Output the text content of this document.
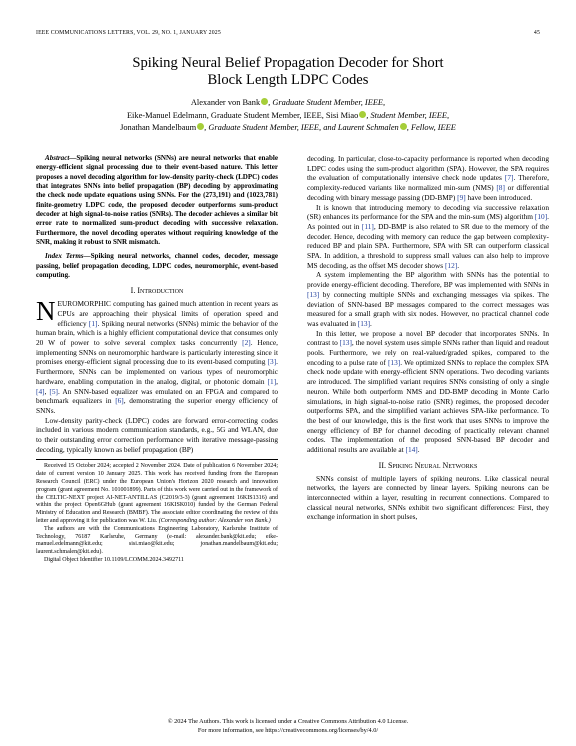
IEEE COMMUNICATIONS LETTERS, VOL. 29, NO. 1, JANUARY 2025	45
Spiking Neural Belief Propagation Decoder for Short
Block Length LDPC Codes
Alexander von Bank , Graduate Student Member, IEEE,
Eike-Manuel Edelmann, Graduate Student Member, IEEE, Sisi Miao , Student Member, IEEE,
Jonathan Mandelbaum , Graduate Student Member, IEEE, and Laurent Schmalen , Fellow, IEEE

Abstract—Spiking neural networks (SNNs) are neural networks that enable energy-efficient signal processing due to their event-based nature. This letter proposes a novel decoding algorithm for low-density parity-check (LDPC) codes that integrates SNNs into belief propagation (BP) decoding by approximating the check node update equations using SNNs. For the (273,191) and (1023,781) finite-geometry LDPC code, the proposed decoder outperforms sum-product decoder at high signal-to-noise ratios (SNRs). The decoder achieves a similar bit error rate to normalized sum-product decoding with successive relaxation. Furthermore, the novel decoding operates without requiring knowledge of the SNR, making it robust to SNR mismatch.

Index Terms—Spiking neural networks, channel codes, decoder, message passing, belief propagation decoding, LDPC codes, neuromorphic, event-based computing.

I. Introduction

NEUROMORPHIC computing has gained much attention in recent years as CPUs are approaching their physical limits of operation speed and efficiency [1]. Spiking neural networks (SNNs) mimic the behavior of the human brain, which is a highly efficient computational device that consumes only 20 W of power to solve several complex tasks concurrently [2]. Hence, implementing SNNs on neuromorphic hardware is particularly interesting since it promises energy-efficient signal processing due to its event-based computing [3]. Furthermore, SNNs can be implemented on various types of neuromorphic hardware, enabling computation in the analog, digital, or photonic domain [1], [4], [5]. An SNN-based equalizer was emulated on an FPGA and compared to benchmark equalizers in [6], demonstrating the superior energy efficiency of SNNs.

Low-density parity-check (LDPC) codes are forward error-correcting codes included in various modern communication standards, e.g., 5G and WLAN, due to their outstanding error correction performance with iterative message-passing decoding, typically known as belief propagation (BP)

Received 15 October 2024; accepted 2 November 2024. Date of publication 6 November 2024; date of current version 10 January 2025. This work has received funding from the European Research Council (ERC) under the European Union's Horizon 2020 research and innovation program (grant agreement No. 101001899). Parts of this work were carried out in the framework of the CELTIC-NEXT project AI-NET-ANTILLAS (C2019/3-3) (grant agreement 16KIS1316) and within the project Open6GHub (grant agreement 16KISK010) funded by the German Federal Ministry of Education and Research (BMBF). The associate editor coordinating the review of this letter and approving it for publication was W. Liu. (Corresponding author: Alexander von Bank.)

The authors are with the Communications Engineering Laboratory, Karlsruhe Institute of Technology, 76187 Karlsruhe, Germany (e-mail: alexander.bank@kit.edu; eike-manuel.edelmann@kit.edu; sisi.miao@kit.edu; jonathan.mandelbaum@kit.edu; laurent.schmalen@kit.edu).

Digital Object Identifier 10.1109/LCOMM.2024.3492711

decoding. In particular, close-to-capacity performance is reported when decoding LDPC codes using the sum-product algorithm (SPA). However, the SPA requires the evaluation of computationally intensive check node updates [7]. Therefore, complexity-reduced variants like normalized min-sum (NMS) [8] or differential decoding with binary message passing (DD-BMP) [9] have been introduced.

It is known that introducing memory to decoding via successive relaxation (SR) enhances its performance for the SPA and the min-sum (MS) algorithm [10]. As pointed out in [11], DD-BMP is also related to SR due to the memory of the decoder. Hence, decoding with memory can reduce the gap between complexity-reduced BP and plain SPA. Furthermore, SPA with SR can outperform classical SPA. In addition, a threshold to suppress small values can also help to improve MS decoding, as the offset MS decoder shows [12].

A system implementing the BP algorithm with SNNs has the potential to provide energy-efficient decoding. Therefore, BP was implemented with SNNs in [13] by connecting multiple SNNs and exchanging messages via spikes. The deviation of SNN-based BP messages compared to the correct messages was measured for a small graph with six nodes. However, no practical channel code was evaluated in [13].

In this letter, we propose a novel BP decoder that incorporates SNNs. In contrast to [13], the novel system uses simple SNNs rather than liquid and readout pools. Furthermore, we rely on real-valued/graded spikes, compared to the encoding to a pulse rate of [13]. We optimized SNNs to replace the complex SPA check node update with energy-efficient SNN operations. Two decoding variants are introduced. The simplified variant requires SNNs consisting of only a single neuron. While both outperform NMS and DD-BMP decoding in Monte Carlo simulations, in high signal-to-noise ratio (SNR) regimes, the proposed decoder outperforms SPA, and the simplified variant achieves SPA-like performance. To the best of our knowledge, this is the first work that uses SNNs to improve the energy efficiency of BP for channel decoding of practically relevant channel codes. The implementation of the proposed SNN-based BP decoder and additional results are available at [14].

II. Spiking Neural Networks

SNNs consist of multiple layers of spiking neurons. Like classical neural networks, the layers are connected by linear layers. Spiking neurons can be interconnected within a layer, resulting in recurrent connections. Compared to classical neural networks, SNNs exhibit two significant differences: First, they exchange information in short pulses,

© 2024 The Authors. This work is licensed under a Creative Commons Attribution 4.0 License.
For more information, see https://creativecommons.org/licenses/by/4.0/
